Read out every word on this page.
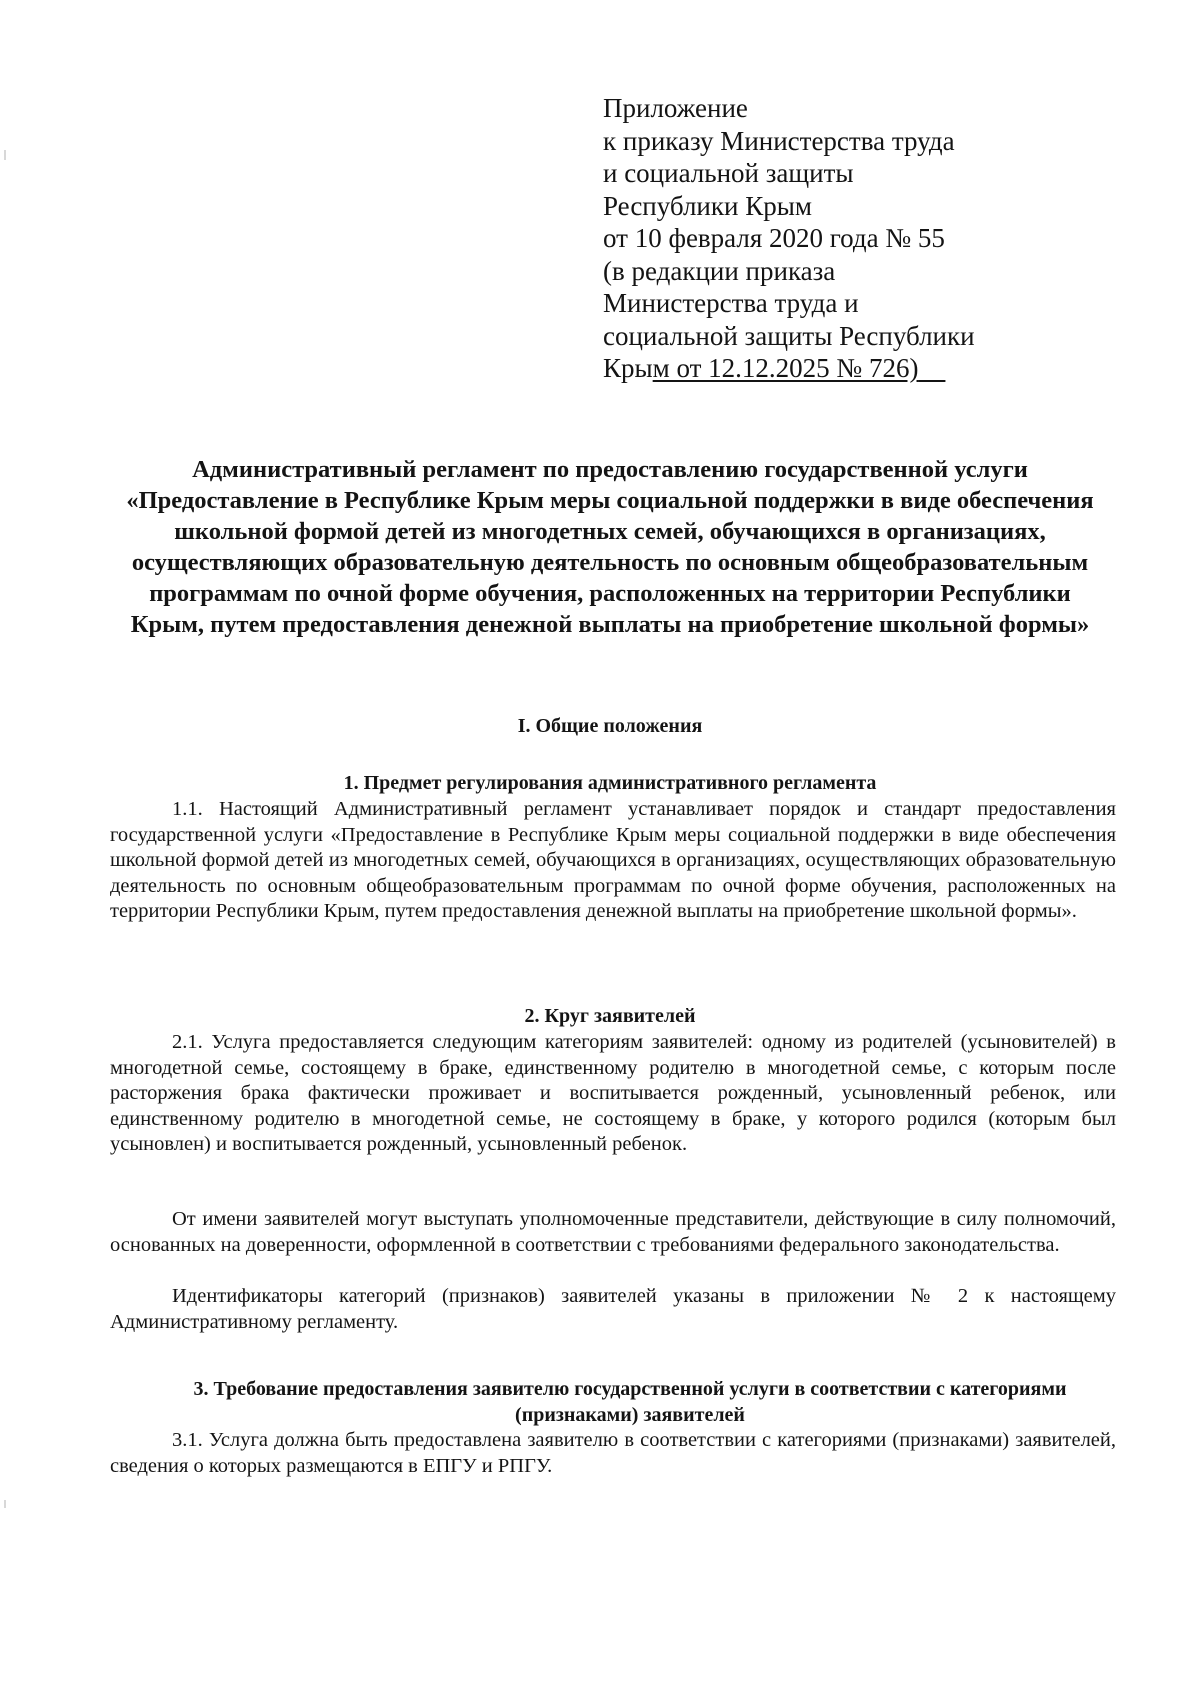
Приложение
к приказу Министерства труда
и социальной защиты
Республики Крым
от 10 февраля 2020 года № 55
(в редакции приказа
Министерства труда и
социальной защиты Республики
Крым от 12.12.2025 № 726)
Административный регламент по предоставлению государственной услуги «Предоставление в Республике Крым меры социальной поддержки в виде обеспечения школьной формой детей из многодетных семей, обучающихся в организациях, осуществляющих образовательную деятельность по основным общеобразовательным программам по очной форме обучения, расположенных на территории Республики Крым, путем предоставления денежной выплаты на приобретение школьной формы»
I. Общие положения
1. Предмет регулирования административного регламента
1.1. Настоящий Административный регламент устанавливает порядок и стандарт предоставления государственной услуги «Предоставление в Республике Крым меры социальной поддержки в виде обеспечения школьной формой детей из многодетных семей, обучающихся в организациях, осуществляющих образовательную деятельность по основным общеобразовательным программам по очной форме обучения, расположенных на территории Республики Крым, путем предоставления денежной выплаты на приобретение школьной формы».
2. Круг заявителей
2.1. Услуга предоставляется следующим категориям заявителей: одному из родителей (усыновителей) в многодетной семье, состоящему в браке, единственному родителю в многодетной семье, с которым после расторжения брака фактически проживает и воспитывается рожденный, усыновленный ребенок, или единственному родителю в многодетной семье, не состоящему в браке, у которого родился (которым был усыновлен) и воспитывается рожденный, усыновленный ребенок.
От имени заявителей могут выступать уполномоченные представители, действующие в силу полномочий, основанных на доверенности, оформленной в соответствии с требованиями федерального законодательства.
Идентификаторы категорий (признаков) заявителей указаны в приложении № 2 к настоящему Административному регламенту.
3. Требование предоставления заявителю государственной услуги в соответствии с категориями (признаками) заявителей
3.1. Услуга должна быть предоставлена заявителю в соответствии с категориями (признаками) заявителей, сведения о которых размещаются в ЕПГУ и РПГУ.
